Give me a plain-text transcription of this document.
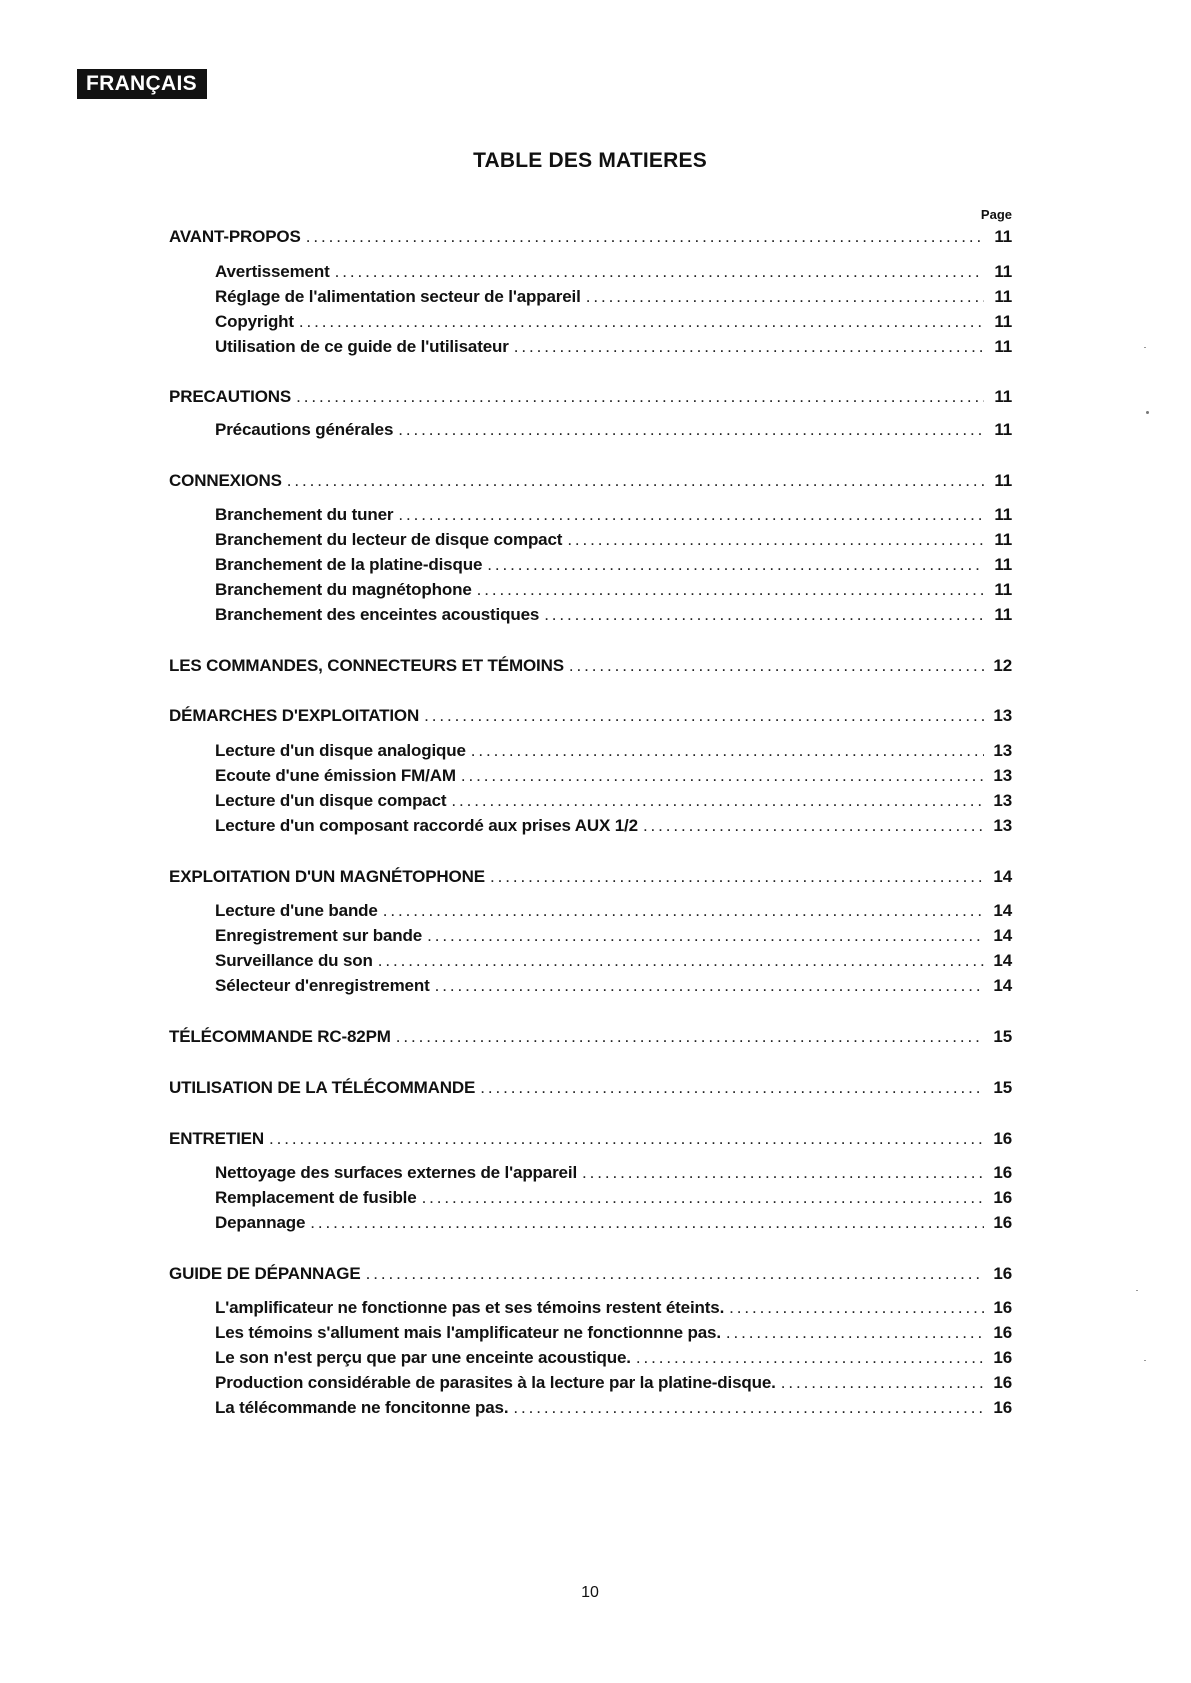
FRANÇAIS
TABLE DES MATIERES
Page
AVANT-PROPOS .....	11
Avertissement .....	11
Réglage de l'alimentation secteur de l'appareil .....	11
Copyright .....	11
Utilisation de ce guide de l'utilisateur .....	11
PRECAUTIONS .....	11
Précautions générales .....	11
CONNEXIONS .....	11
Branchement du tuner .....	11
Branchement du lecteur de disque compact .....	11
Branchement de la platine-disque .....	11
Branchement du magnétophone .....	11
Branchement des enceintes acoustiques .....	11
LES COMMANDES, CONNECTEURS ET TÉMOINS .....	12
DÉMARCHES D'EXPLOITATION .....	13
Lecture d'un disque analogique .....	13
Ecoute d'une émission FM/AM .....	13
Lecture d'un disque compact .....	13
Lecture d'un composant raccordé aux prises AUX 1/2 .....	13
EXPLOITATION D'UN MAGNÉTOPHONE .....	14
Lecture d'une bande .....	14
Enregistrement sur bande .....	14
Surveillance du son .....	14
Sélecteur d'enregistrement .....	14
TÉLÉCOMMANDE RC-82PM .....	15
UTILISATION DE LA TÉLÉCOMMANDE .....	15
ENTRETIEN .....	16
Nettoyage des surfaces externes de l'appareil .....	16
Remplacement de fusible .....	16
Depannage .....	16
GUIDE DE DÉPANNAGE .....	16
L'amplificateur ne fonctionne pas et ses témoins restent éteints. .....	16
Les témoins s'allument mais l'amplificateur ne fonctionnne pas. .....	16
Le son n'est perçu que par une enceinte acoustique. .....	16
Production considérable de parasites à la lecture par la platine-disque. .....	16
La télécommande ne foncitonne pas. .....	16
10
